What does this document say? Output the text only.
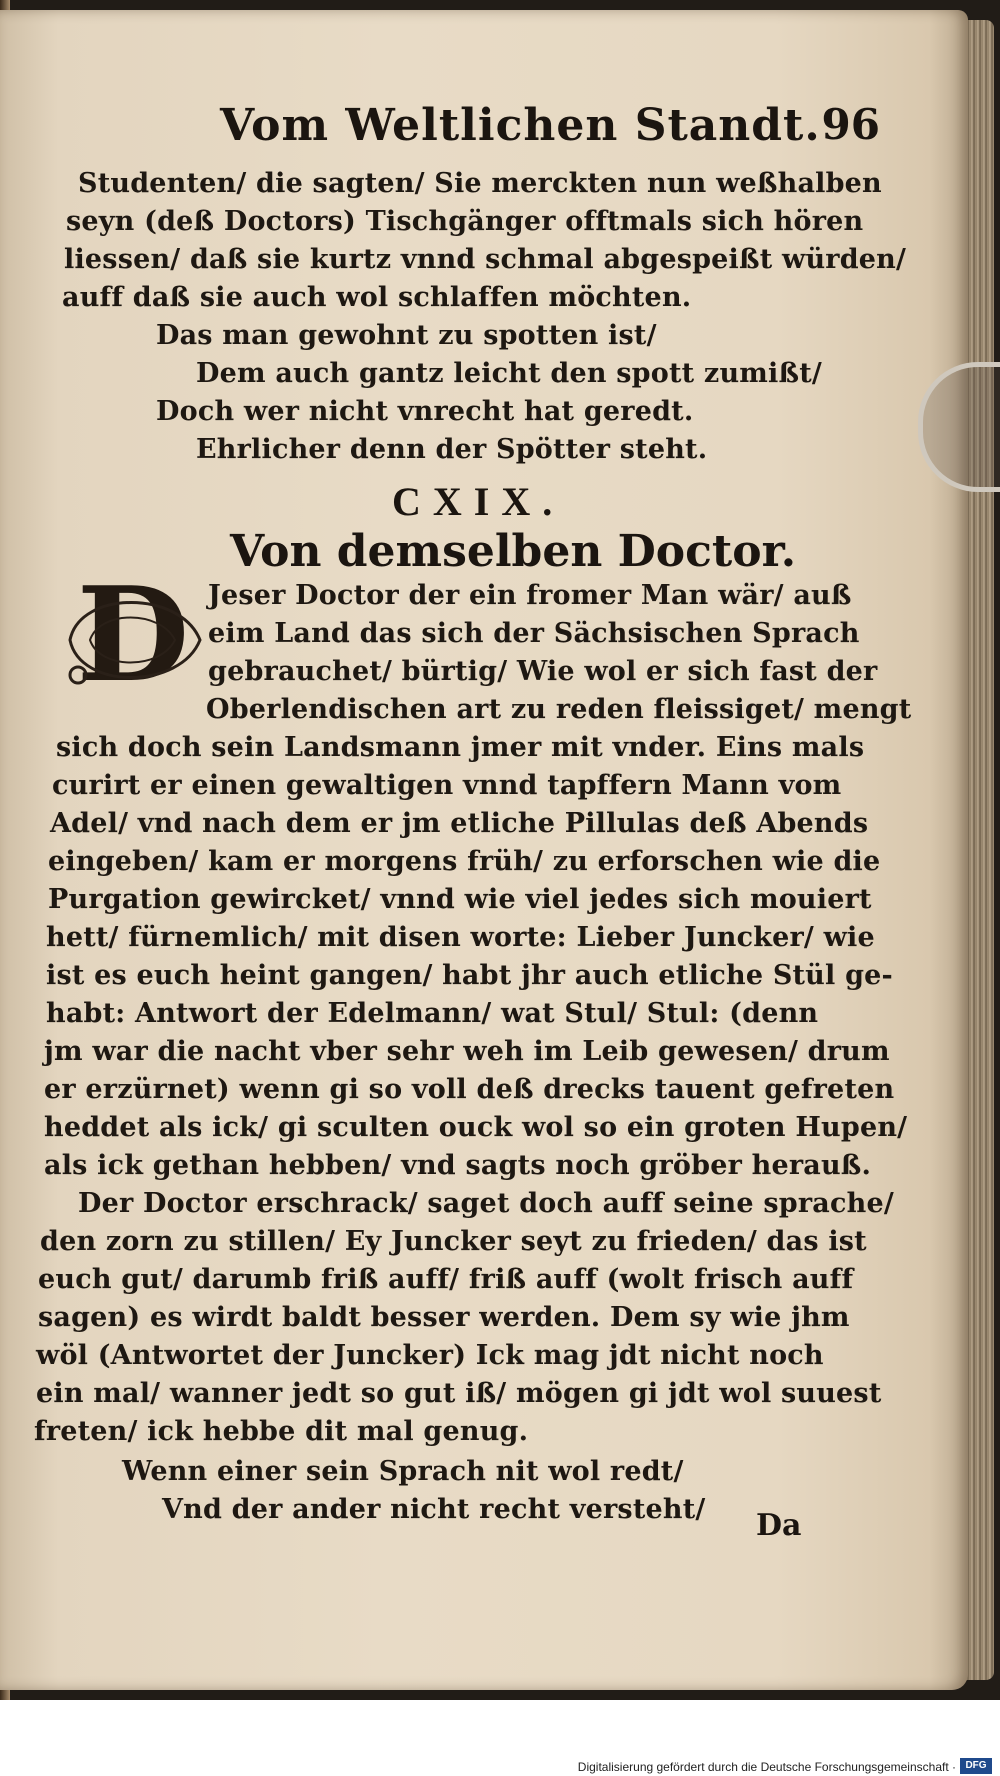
Vom Weltlichen Standt. 96
Studenten/ die sagten/ Sie merckten nun weßhalben
seyn (deß Doctors) Tischgänger offtmals sich hören
liessen/ daß sie kurtz vnnd schmal abgespeißt würden/
auff daß sie auch wol schlaffen möchten.
Das man gewohnt zu spotten ist/
Dem auch gantz leicht den spott zumißt/
Doch wer nicht vnrecht hat geredt.
Ehrlicher denn der Spötter steht.
CXIX.
Von demselben Doctor.
D Jeser Doctor der ein fromer Man wär/ auß
eim Land das sich der Sächsischen Sprach
gebrauchet/ bürtig/ Wie wol er sich fast der
Oberlendischen art zu reden fleissiget/ mengt
sich doch sein Landsmann jmer mit vnder. Eins mals
curirt er einen gewaltigen vnnd tapffern Mann vom
Adel/ vnd nach dem er jm etliche Pillulas deß Abends
eingeben/ kam er morgens früh/ zu erforschen wie die
Purgation gewircket/ vnnd wie viel jedes sich mouiert
hett/ fürnemlich/ mit disen worte: Lieber Juncker/ wie
ist es euch heint gangen/ habt jhr auch etliche Stül ge-
habt: Antwort der Edelmann/ wat Stul/ Stul: (denn
jm war die nacht vber sehr weh im Leib gewesen/ drum
er erzürnet) wenn gi so voll deß drecks tauent gefreten
heddet als ick/ gi sculten ouck wol so ein groten Hupen/
als ick gethan hebben/ vnd sagts noch gröber herauß.
Der Doctor erschrack/ saget doch auff seine sprache/
den zorn zu stillen/ Ey Juncker seyt zu frieden/ das ist
euch gut/ darumb friß auff/ friß auff (wolt frisch auff
sagen) es wirdt baldt besser werden. Dem sy wie jhm
wöl (Antwortet der Juncker) Ick mag jdt nicht noch
ein mal/ wanner jedt so gut iß/ mögen gi jdt wol suuest
freten/ ick hebbe dit mal genug.
Wenn einer sein Sprach nit wol redt/
Vnd der ander nicht recht versteht/ Da
Digitalisierung gefördert durch die Deutsche Forschungsgemeinschaft · DFG
